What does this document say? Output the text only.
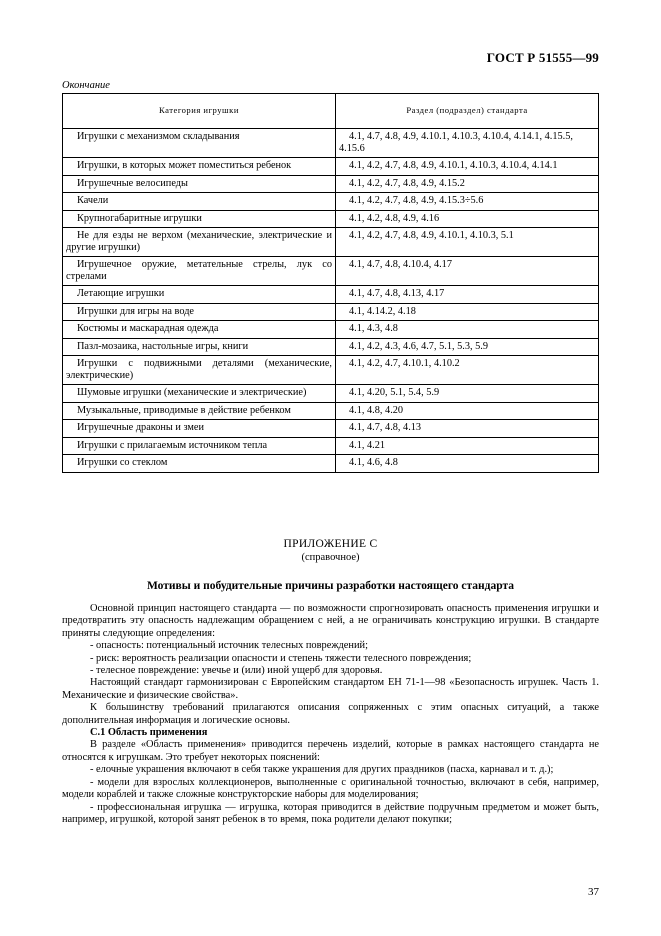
ГОСТ Р 51555—99
Окончание
Категория игрушки	Раздел (подраздел) стандарта
Игрушки с механизмом складывания	4.1, 4.7, 4.8, 4.9, 4.10.1, 4.10.3, 4.10.4, 4.14.1, 4.15.5, 4.15.6
Игрушки, в которых может поместиться ребенок	4.1, 4.2, 4.7, 4.8, 4.9, 4.10.1, 4.10.3, 4.10.4, 4.14.1
Игрушечные велосипеды	4.1, 4.2, 4.7, 4.8, 4.9, 4.15.2
Качели	4.1, 4.2, 4.7, 4.8, 4.9, 4.15.3÷5.6
Крупногабаритные игрушки	4.1, 4.2, 4.8, 4.9, 4.16
Не для езды не верхом (механические, электрические и другие игрушки)	4.1, 4.2, 4.7, 4.8, 4.9, 4.10.1, 4.10.3, 5.1
Игрушечное оружие, метательные стрелы, лук со стрелами	4.1, 4.7, 4.8, 4.10.4, 4.17
Летающие игрушки	4.1, 4.7, 4.8, 4.13, 4.17
Игрушки для игры на воде	4.1, 4.14.2, 4.18
Костюмы и маскарадная одежда	4.1, 4.3, 4.8
Пазл-мозаика, настольные игры, книги	4.1, 4.2, 4.3, 4.6, 4.7, 5.1, 5.3, 5.9
Игрушки с подвижными деталями (механические, электрические)	4.1, 4.2, 4.7, 4.10.1, 4.10.2
Шумовые игрушки (механические и электрические)	4.1, 4.20, 5.1, 5.4, 5.9
Музыкальные, приводимые в действие ребенком	4.1, 4.8, 4.20
Игрушечные драконы и змеи	4.1, 4.7, 4.8, 4.13
Игрушки с прилагаемым источником тепла	4.1, 4.21
Игрушки со стеклом	4.1, 4.6, 4.8
ПРИЛОЖЕНИЕ С
(справочное)
Мотивы и побудительные причины разработки настоящего стандарта

Основной принцип настоящего стандарта — по возможности спрогнозировать опасность применения игрушки и предотвратить эту опасность надлежащим обращением с ней, а не ограничивать конструкцию игрушки. В стандарте приняты следующие определения:

- опасность: потенциальный источник телесных повреждений;

- риск: вероятность реализации опасности и степень тяжести телесного повреждения;

- телесное повреждение: увечье и (или) иной ущерб для здоровья.

Настоящий стандарт гармонизирован с Европейским стандартом ЕН 71-1—98 «Безопасность игрушек. Часть 1. Механические и физические свойства».

К большинству требований прилагаются описания сопряженных с этим опасных ситуаций, а также дополнительная информация и логические основы.

С.1 Область применения

В разделе «Область применения» приводится перечень изделий, которые в рамках настоящего стандарта не относятся к игрушкам. Это требует некоторых пояснений:

- елочные украшения включают в себя также украшения для других праздников (пасха, карнавал и т. д.);

- модели для взрослых коллекционеров, выполненные с оригинальной точностью, включают в себя, например, модели кораблей и также сложные конструкторские наборы для моделирования;

- профессиональная игрушка — игрушка, которая приводится в действие подручным предметом и может быть, например, игрушкой, которой занят ребенок в то время, пока родители делают покупки;

37
